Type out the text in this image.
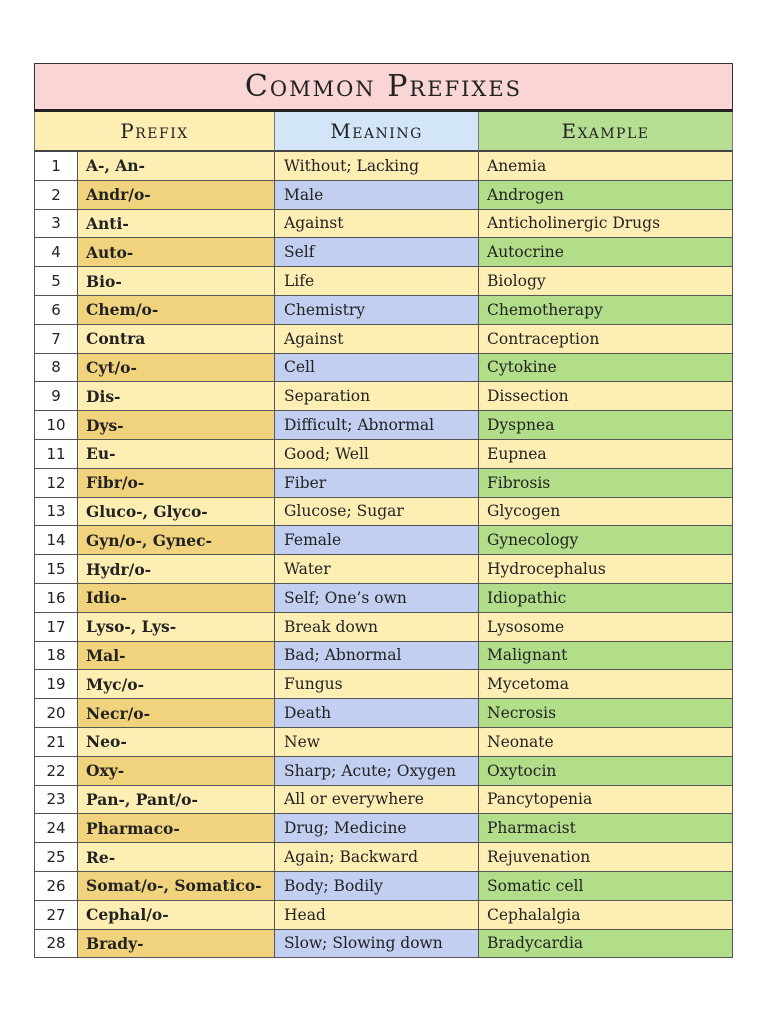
Common Prefixes
Prefix	Meaning	Example
1	A-, An-	Without; Lacking	Anemia
2	Andr/o-	Male	Androgen
3	Anti-	Against	Anticholinergic Drugs
4	Auto-	Self	Autocrine
5	Bio-	Life	Biology
6	Chem/o-	Chemistry	Chemotherapy
7	Contra	Against	Contraception
8	Cyt/o-	Cell	Cytokine
9	Dis-	Separation	Dissection
10	Dys-	Difficult; Abnormal	Dyspnea
11	Eu-	Good; Well	Eupnea
12	Fibr/o-	Fiber	Fibrosis
13	Gluco-, Glyco-	Glucose; Sugar	Glycogen
14	Gyn/o-, Gynec-	Female	Gynecology
15	Hydr/o-	Water	Hydrocephalus
16	Idio-	Self; One’s own	Idiopathic
17	Lyso-, Lys-	Break down	Lysosome
18	Mal-	Bad; Abnormal	Malignant
19	Myc/o-	Fungus	Mycetoma
20	Necr/o-	Death	Necrosis
21	Neo-	New	Neonate
22	Oxy-	Sharp; Acute; Oxygen	Oxytocin
23	Pan-, Pant/o-	All or everywhere	Pancytopenia
24	Pharmaco-	Drug; Medicine	Pharmacist
25	Re-	Again; Backward	Rejuvenation
26	Somat/o-, Somatico-	Body; Bodily	Somatic cell
27	Cephal/o-	Head	Cephalalgia
28	Brady-	Slow; Slowing down	Bradycardia
